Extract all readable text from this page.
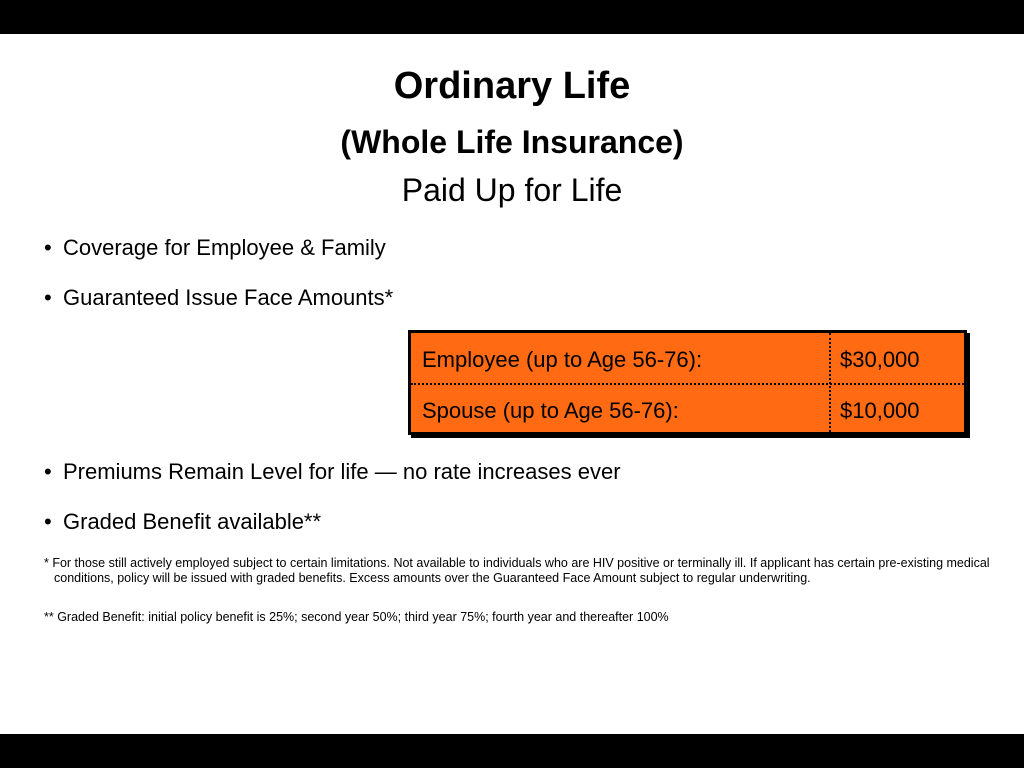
Ordinary Life
(Whole Life Insurance)
Paid Up for Life
• Coverage for Employee & Family
• Guaranteed Issue Face Amounts*
Employee (up to Age 56-76):	$30,000
Spouse (up to Age 56-76):	$10,000
• Premiums Remain Level for life — no rate increases ever
• Graded Benefit available**
* For those still actively employed subject to certain limitations. Not available to individuals who are HIV positive or terminally ill. If applicant has certain pre-existing medical conditions, policy will be issued with graded benefits. Excess amounts over the Guaranteed Face Amount subject to regular underwriting.
** Graded Benefit: initial policy benefit is 25%; second year 50%; third year 75%; fourth year and thereafter 100%
